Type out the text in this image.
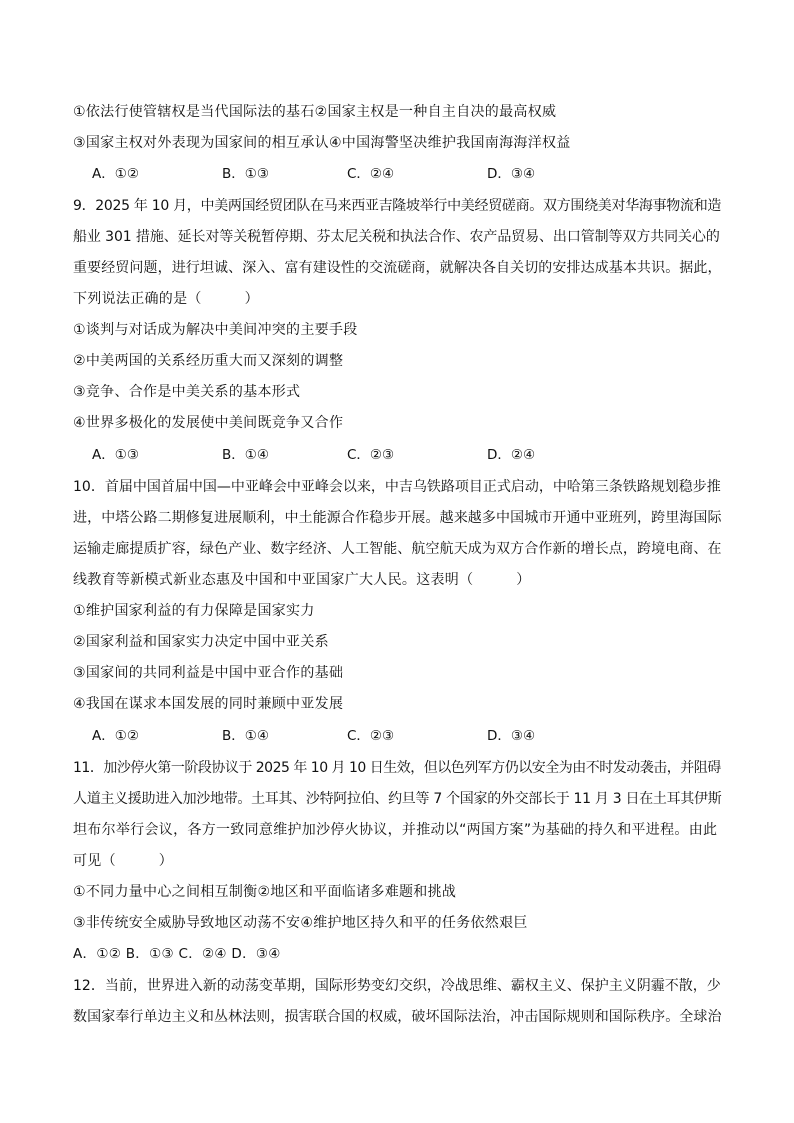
①依法行使管辖权是当代国际法的基石②国家主权是一种自主自决的最高权威
③国家主权对外表现为国家间的相互承认④中国海警坚决维护我国南海海洋权益
A．①②	B．①③	C．②④	D．③④
9．2025 年 10 月，中美两国经贸团队在马来西亚吉隆坡举行中美经贸磋商。双方围绕美对华海事物流和造
船业 301 措施、延长对等关税暂停期、芬太尼关税和执法合作、农产品贸易、出口管制等双方共同关心的
重要经贸问题，进行坦诚、深入、富有建设性的交流磋商，就解决各自关切的安排达成基本共识。据此，
下列说法正确的是（　　　）
①谈判与对话成为解决中美间冲突的主要手段
②中美两国的关系经历重大而又深刻的调整
③竞争、合作是中美关系的基本形式
④世界多极化的发展使中美间既竞争又合作
A．①③	B．①④	C．②③	D．②④
10．首届中国首届中国—中亚峰会中亚峰会以来，中吉乌铁路项目正式启动，中哈第三条铁路规划稳步推
进，中塔公路二期修复进展顺利，中土能源合作稳步开展。越来越多中国城市开通中亚班列，跨里海国际
运输走廊提质扩容，绿色产业、数字经济、人工智能、航空航天成为双方合作新的增长点，跨境电商、在
线教育等新模式新业态惠及中国和中亚国家广大人民。这表明（　　　）
①维护国家利益的有力保障是国家实力
②国家利益和国家实力决定中国中亚关系
③国家间的共同利益是中国中亚合作的基础
④我国在谋求本国发展的同时兼顾中亚发展
A．①②	B．①④	C．②③	D．③④
11．加沙停火第一阶段协议于 2025 年 10 月 10 日生效，但以色列军方仍以安全为由不时发动袭击，并阻碍
人道主义援助进入加沙地带。土耳其、沙特阿拉伯、约旦等 7 个国家的外交部长于 11 月 3 日在土耳其伊斯
坦布尔举行会议，各方一致同意维护加沙停火协议，并推动以“两国方案”为基础的持久和平进程。由此
可见（　　　）
①不同力量中心之间相互制衡②地区和平面临诸多难题和挑战
③非传统安全威胁导致地区动荡不安④维护地区持久和平的任务依然艰巨
A．①② B．①③ C．②④ D．③④
12．当前，世界进入新的动荡变革期，国际形势变幻交织，冷战思维、霸权主义、保护主义阴霾不散，少
数国家奉行单边主义和丛林法则，损害联合国的权威，破坏国际法治，冲击国际规则和国际秩序。全球治
